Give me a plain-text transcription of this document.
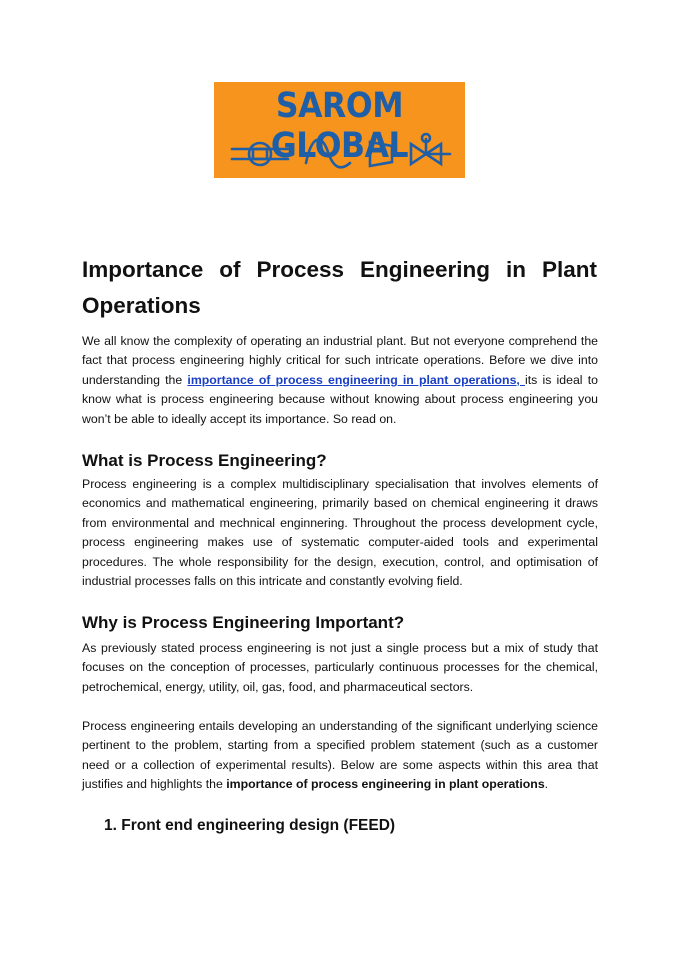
SAROM GLOBAL
Importance of Process Engineering in Plant Operations

We all know the complexity of operating an industrial plant. But not everyone comprehend the fact that process engineering highly critical for such intricate operations. Before we dive into understanding the importance of process engineering in plant operations, its is ideal to know what is process engineering because without knowing about process engineering you won’t be able to ideally accept its importance. So read on.

What is Process Engineering?

Process engineering is a complex multidisciplinary specialisation that involves elements of economics and mathematical engineering, primarily based on chemical engineering it draws from environmental and mechnical enginnering. Throughout the process development cycle, process engineering makes use of systematic computer-aided tools and experimental procedures. The whole responsibility for the design, execution, control, and optimisation of industrial processes falls on this intricate and constantly evolving field.

Why is Process Engineering Important?

As previously stated process engineering is not just a single process but a mix of study that focuses on the conception of processes, particularly continuous processes for the chemical, petrochemical, energy, utility, oil, gas, food, and pharmaceutical sectors.

Process engineering entails developing an understanding of the significant underlying science pertinent to the problem, starting from a specified problem statement (such as a customer need or a collection of experimental results). Below are some aspects within this area that justifies and highlights the importance of process engineering in plant operations.

1. Front end engineering design (FEED)
